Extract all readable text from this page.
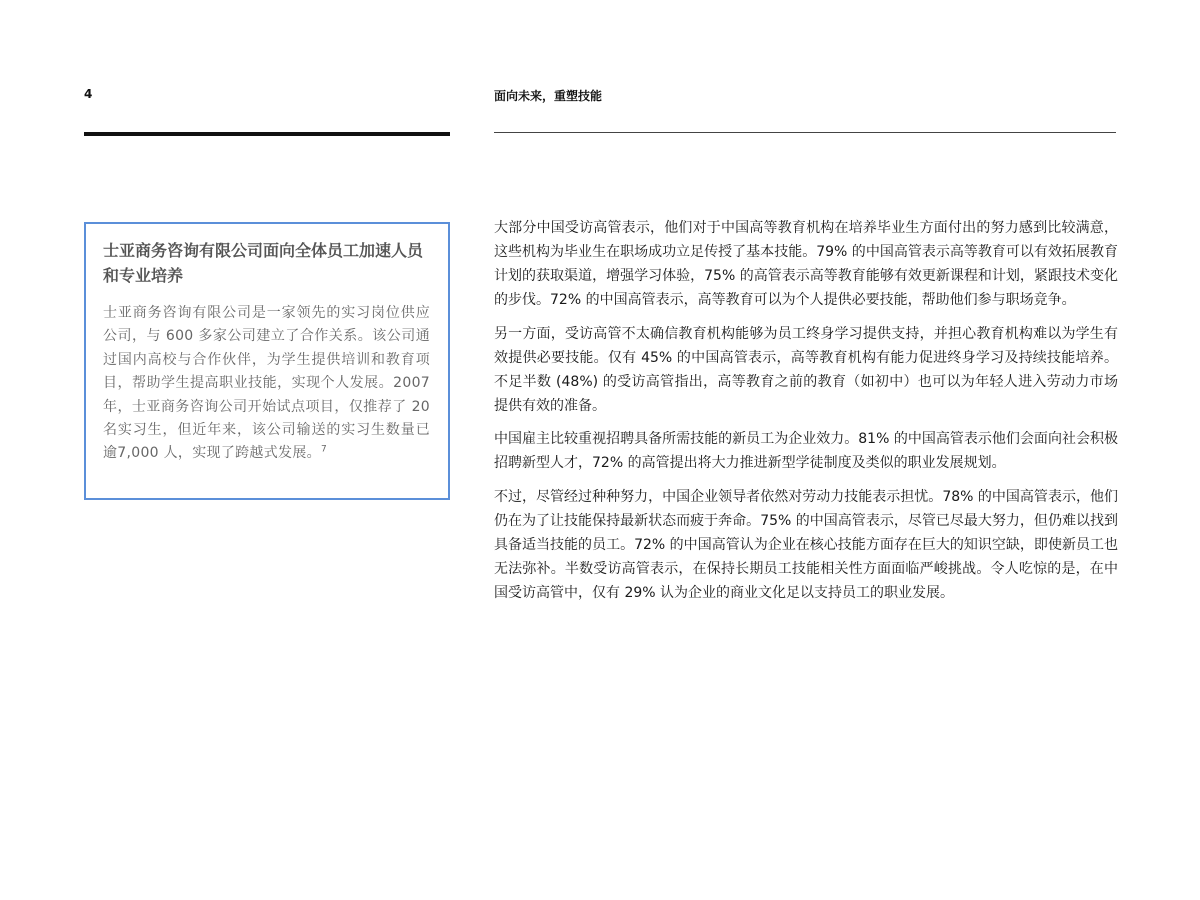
4	面向未来，重塑技能
士亚商务咨询有限公司面向全体员工加速人员和专业培养

士亚商务咨询有限公司是一家领先的实习岗位供应公司，与 600 多家公司建立了合作关系。该公司通过国内高校与合作伙伴，为学生提供培训和教育项目，帮助学生提高职业技能，实现个人发展。2007 年，士亚商务咨询公司开始试点项目，仅推荐了 20 名实习生，但近年来，该公司输送的实习生数量已逾7,000 人，实现了跨越式发展。$^7$

大部分中国受访高管表示，他们对于中国高等教育机构在培养毕业生方面付出的努力感到比较满意，这些机构为毕业生在职场成功立足传授了基本技能。79% 的中国高管表示高等教育可以有效拓展教育计划的获取渠道，增强学习体验，75% 的高管表示高等教育能够有效更新课程和计划，紧跟技术变化的步伐。72% 的中国高管表示，高等教育可以为个人提供必要技能，帮助他们参与职场竞争。

另一方面，受访高管不太确信教育机构能够为员工终身学习提供支持，并担心教育机构难以为学生有效提供必要技能。仅有 45% 的中国高管表示，高等教育机构有能力促进终身学习及持续技能培养。不足半数 (48%) 的受访高管指出，高等教育之前的教育（如初中）也可以为年轻人进入劳动力市场提供有效的准备。

中国雇主比较重视招聘具备所需技能的新员工为企业效力。81% 的中国高管表示他们会面向社会积极招聘新型人才，72% 的高管提出将大力推进新型学徒制度及类似的职业发展规划。

不过，尽管经过种种努力，中国企业领导者依然对劳动力技能表示担忧。78% 的中国高管表示，他们仍在为了让技能保持最新状态而疲于奔命。75% 的中国高管表示，尽管已尽最大努力，但仍难以找到具备适当技能的员工。72% 的中国高管认为企业在核心技能方面存在巨大的知识空缺，即使新员工也无法弥补。半数受访高管表示，在保持长期员工技能相关性方面面临严峻挑战。令人吃惊的是，在中国受访高管中，仅有 29% 认为企业的商业文化足以支持员工的职业发展。
